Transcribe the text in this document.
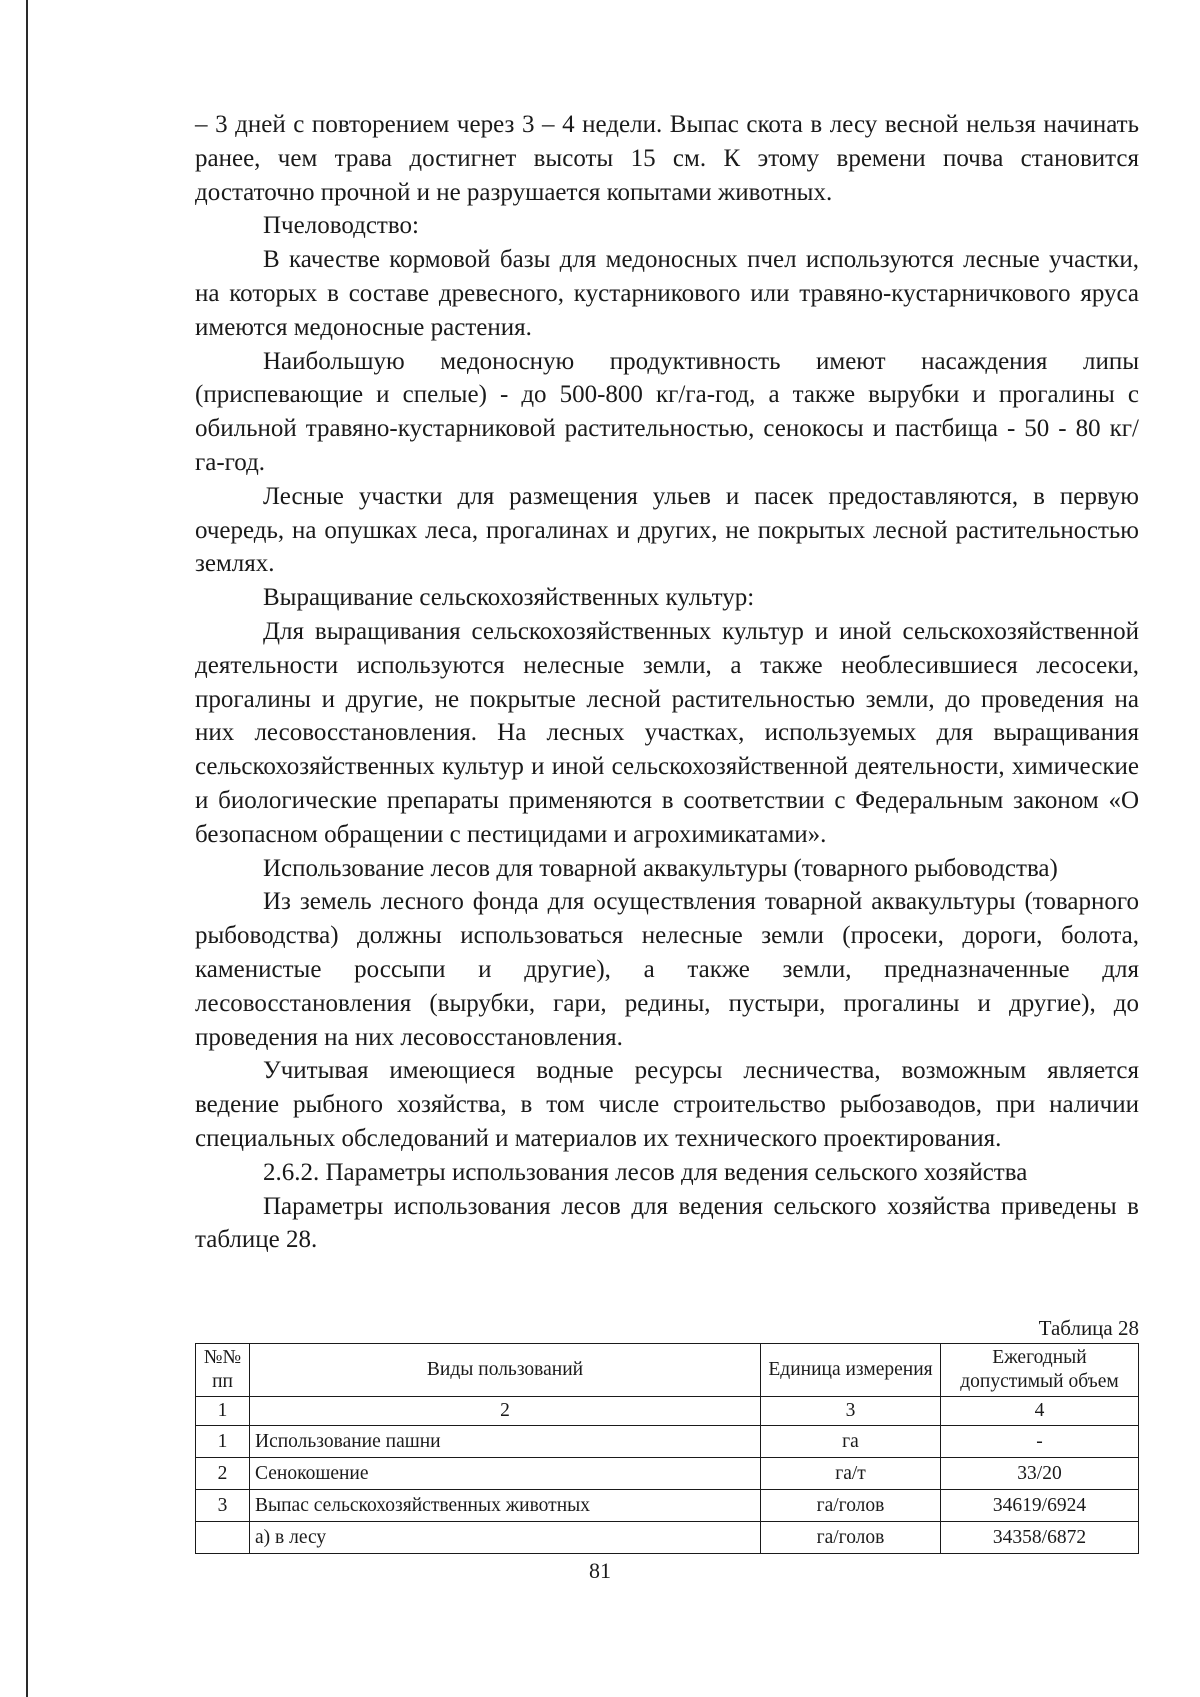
– 3 дней с повторением через 3 – 4 недели. Выпас скота в лесу весной нельзя начинать ранее, чем трава достигнет высоты 15 см. К этому времени почва становится достаточно прочной и не разрушается копытами животных.

Пчеловодство:

В качестве кормовой базы для медоносных пчел используются лесные участки, на которых в составе древесного, кустарникового или травяно-кустарничкового яруса имеются медоносные растения.

Наибольшую медоносную продуктивность имеют насаждения липы (приспевающие и спелые) - до 500-800 кг/га-год, а также вырубки и прогалины с обильной травяно-кустарниковой растительностью, сенокосы и пастбища - 50 - 80 кг/га-год.

Лесные участки для размещения ульев и пасек предоставляются, в первую очередь, на опушках леса, прогалинах и других, не покрытых лесной растительностью землях.

Выращивание сельскохозяйственных культур:

Для выращивания сельскохозяйственных культур и иной сельскохозяйственной деятельности используются нелесные земли, а также необлесившиеся лесосеки, прогалины и другие, не покрытые лесной растительностью земли, до проведения на них лесовосстановления. На лесных участках, используемых для выращивания сельскохозяйственных культур и иной сельскохозяйственной деятельности, химические и биологические препараты применяются в соответствии с Федеральным законом «О безопасном обращении с пестицидами и агрохимикатами».

Использование лесов для товарной аквакультуры (товарного рыбоводства)

Из земель лесного фонда для осуществления товарной аквакультуры (товарного рыбоводства) должны использоваться нелесные земли (просеки, дороги, болота, каменистые россыпи и другие), а также земли, предназначенные для лесовосстановления (вырубки, гари, редины, пустыри, прогалины и другие), до проведения на них лесовосстановления.

Учитывая имеющиеся водные ресурсы лесничества, возможным является ведение рыбного хозяйства, в том числе строительство рыбозаводов, при наличии специальных обследований и материалов их технического проектирования.

2.6.2. Параметры использования лесов для ведения сельского хозяйства

Параметры использования лесов для ведения сельского хозяйства приведены в таблице 28.

Таблица 28
№№ пп	Виды пользований	Единица измерения	Ежегодный допустимый объем
1	2	3	4
1	Использование пашни	га	-
2	Сенокошение	га/т	33/20
3	Выпас сельскохозяйственных животных	га/голов	34619/6924
	а) в лесу	га/голов	34358/6872
81
